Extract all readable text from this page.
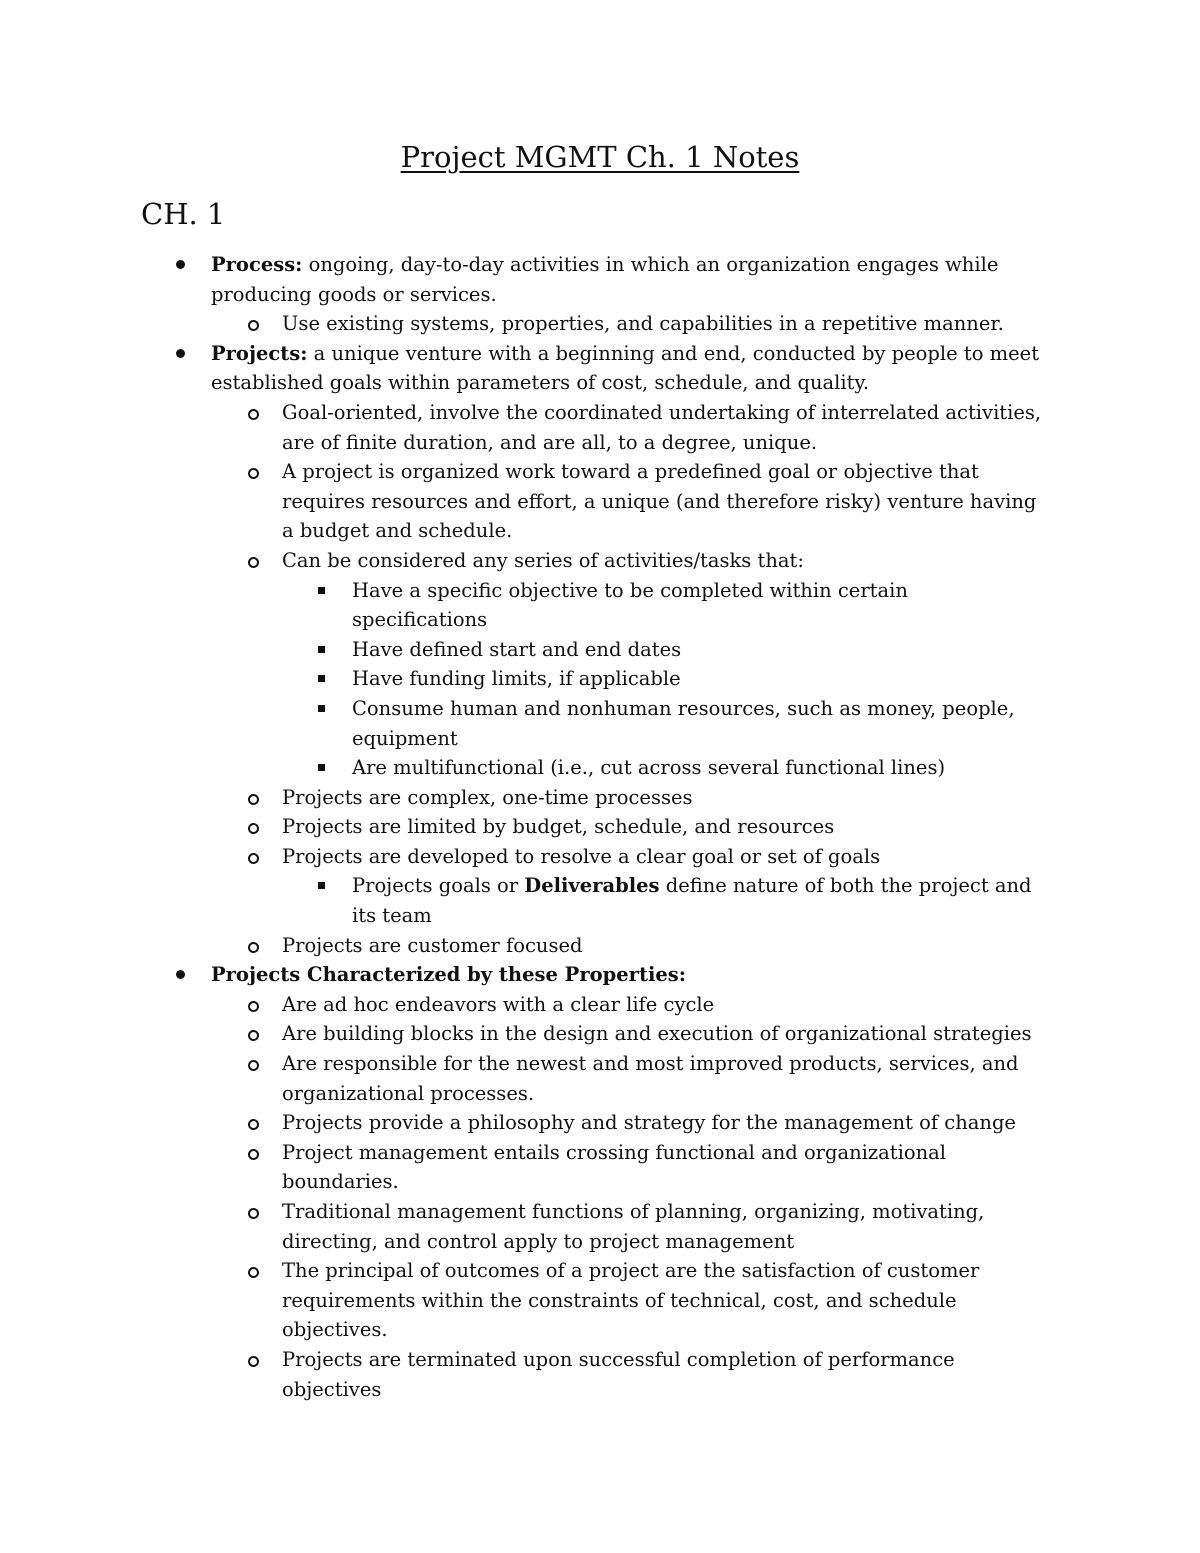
Project MGMT Ch. 1 Notes
CH. 1
Process: ongoing, day-to-day activities in which an organization engages while producing goods or services.
Use existing systems, properties, and capabilities in a repetitive manner.
Projects: a unique venture with a beginning and end, conducted by people to meet established goals within parameters of cost, schedule, and quality.
Goal-oriented, involve the coordinated undertaking of interrelated activities, are of finite duration, and are all, to a degree, unique.
A project is organized work toward a predefined goal or objective that requires resources and effort, a unique (and therefore risky) venture having a budget and schedule.
Can be considered any series of activities/tasks that:
Have a specific objective to be completed within certain specifications
Have defined start and end dates
Have funding limits, if applicable
Consume human and nonhuman resources, such as money, people, equipment
Are multifunctional (i.e., cut across several functional lines)
Projects are complex, one-time processes
Projects are limited by budget, schedule, and resources
Projects are developed to resolve a clear goal or set of goals
Projects goals or Deliverables define nature of both the project and its team
Projects are customer focused
Projects Characterized by these Properties:
Are ad hoc endeavors with a clear life cycle
Are building blocks in the design and execution of organizational strategies
Are responsible for the newest and most improved products, services, and organizational processes.
Projects provide a philosophy and strategy for the management of change
Project management entails crossing functional and organizational boundaries.
Traditional management functions of planning, organizing, motivating, directing, and control apply to project management
The principal of outcomes of a project are the satisfaction of customer requirements within the constraints of technical, cost, and schedule objectives.
Projects are terminated upon successful completion of performance objectives
